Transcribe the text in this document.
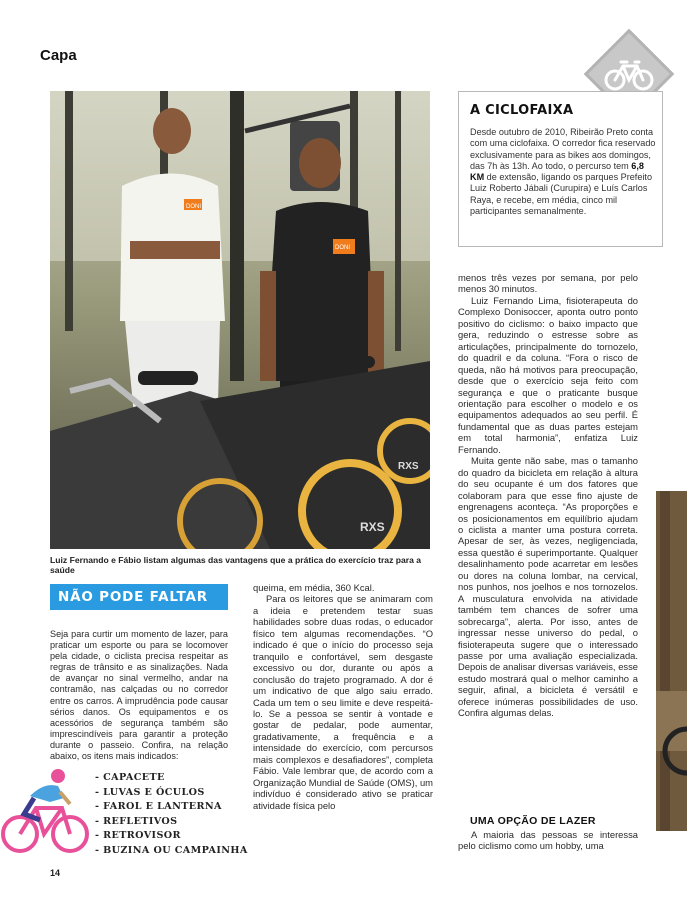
Capa
DONI
DONI
RXS
RXS
Luiz Fernando e Fábio listam algumas das vantagens que a prática do exercício traz para a saúde
A CICLOFAIXA
Desde outubro de 2010, Ribeirão Preto conta com uma ciclofaixa. O corredor fica reservado exclusivamente para as bikes aos domingos, das 7h às 13h. Ao todo, o percurso tem 6,8 KM de extensão, ligando os parques Prefeito Luiz Roberto Jábali (Curupira) e Luís Carlos Raya, e recebe, em média, cinco mil participantes semanalmente.
NÃO PODE FALTAR

Seja para curtir um momento de lazer, para praticar um esporte ou para se locomover pela cidade, o ciclista precisa respeitar as regras de trânsito e as sinalizações. Nada de avançar no sinal vermelho, andar na contramão, nas calçadas ou no corredor entre os carros. A imprudência pode causar sérios danos. Os equipamentos e os acessórios de segurança também são imprescindíveis para garantir a proteção durante o passeio. Confira, na relação abaixo, os itens mais indicados:

- CAPACETE
- LUVAS E ÓCULOS
- FAROL E LANTERNA
- REFLETIVOS
- RETROVISOR
- BUZINA OU CAMPAINHA

queima, em média, 360 Kcal.

Para os leitores que se animaram com a ideia e pretendem testar suas habilidades sobre duas rodas, o educador físico tem algumas recomendações. “O indicado é que o início do processo seja tranquilo e confortável, sem desgaste excessivo ou dor, durante ou após a conclusão do trajeto programado. A dor é um indicativo de que algo saiu errado. Cada um tem o seu limite e deve respeitá-lo. Se a pessoa se sentir à vontade e gostar de pedalar, pode aumentar, gradativamente, a frequência e a intensidade do exercício, com percursos mais complexos e desafiadores”, completa Fábio. Vale lembrar que, de acordo com a Organização Mundial de Saúde (OMS), um indivíduo é considerado ativo se praticar atividade física pelo

menos três vezes por semana, por pelo menos 30 minutos.

Luiz Fernando Lima, fisioterapeuta do Complexo Donisoccer, aponta outro ponto positivo do ciclismo: o baixo impacto que gera, reduzindo o estresse sobre as articulações, principalmente do tornozelo, do quadril e da coluna. “Fora o risco de queda, não há motivos para preocupação, desde que o exercício seja feito com segurança e que o praticante busque orientação para escolher o modelo e os equipamentos adequados ao seu perfil. É fundamental que as duas partes estejam em total harmonia”, enfatiza Luiz Fernando.

Muita gente não sabe, mas o tamanho do quadro da bicicleta em relação à altura do seu ocupante é um dos fatores que colaboram para que esse fino ajuste de engrenagens aconteça. “As proporções e os posicionamentos em equilíbrio ajudam o ciclista a manter uma postura correta. Apesar de ser, às vezes, negligenciada, essa questão é superimportante. Qualquer desalinhamento pode acarretar em lesões ou dores na coluna lombar, na cervical, nos punhos, nos joelhos e nos tornozelos. A musculatura envolvida na atividade também tem chances de sofrer uma sobrecarga”, alerta. Por isso, antes de ingressar nesse universo do pedal, o fisioterapeuta sugere que o interessado passe por uma avaliação especializada. Depois de analisar diversas variáveis, esse estudo mostrará qual o melhor caminho a seguir, afinal, a bicicleta é versátil e oferece inúmeras possibilidades de uso. Confira algumas delas.

UMA OPÇÃO DE LAZER

A maioria das pessoas se interessa pelo ciclismo como um hobby, uma

14
